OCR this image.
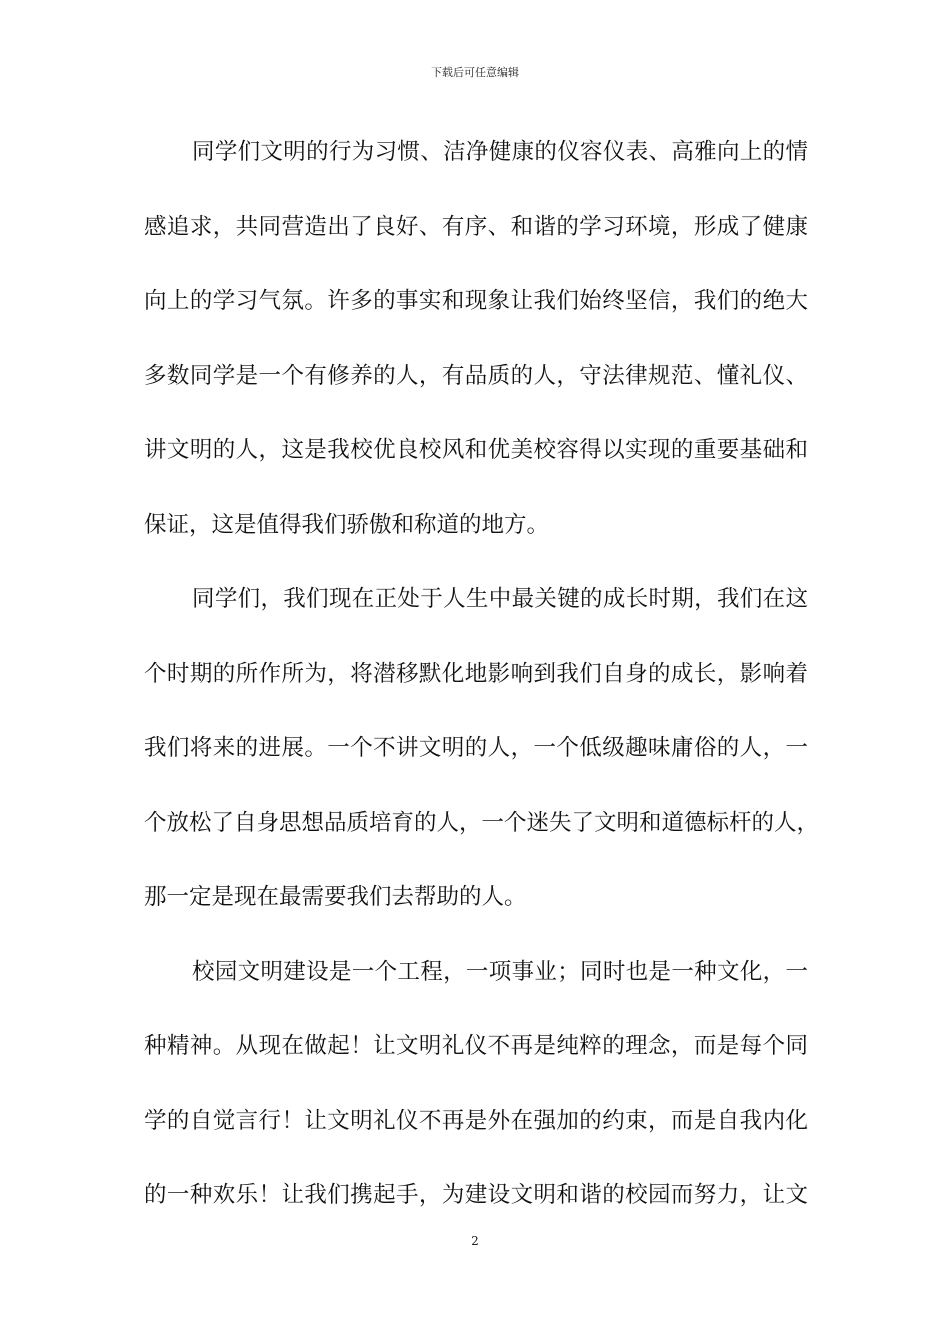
下载后可任意编辑
同学们文明的行为习惯、洁净健康的仪容仪表、高雅向上的情
感追求，共同营造出了良好、有序、和谐的学习环境，形成了健康
向上的学习气氛。许多的事实和现象让我们始终坚信，我们的绝大
多数同学是一个有修养的人，有品质的人，守法律规范、懂礼仪、
讲文明的人，这是我校优良校风和优美校容得以实现的重要基础和
保证，这是值得我们骄傲和称道的地方。
同学们，我们现在正处于人生中最关键的成长时期，我们在这
个时期的所作所为，将潜移默化地影响到我们自身的成长，影响着
我们将来的进展。一个不讲文明的人，一个低级趣味庸俗的人，一
个放松了自身思想品质培育的人，一个迷失了文明和道德标杆的人，
那一定是现在最需要我们去帮助的人。
校园文明建设是一个工程，一项事业；同时也是一种文化，一
种精神。从现在做起！让文明礼仪不再是纯粹的理念，而是每个同
学的自觉言行！让文明礼仪不再是外在强加的约束，而是自我内化
的一种欢乐！让我们携起手，为建设文明和谐的校园而努力，让文
2
